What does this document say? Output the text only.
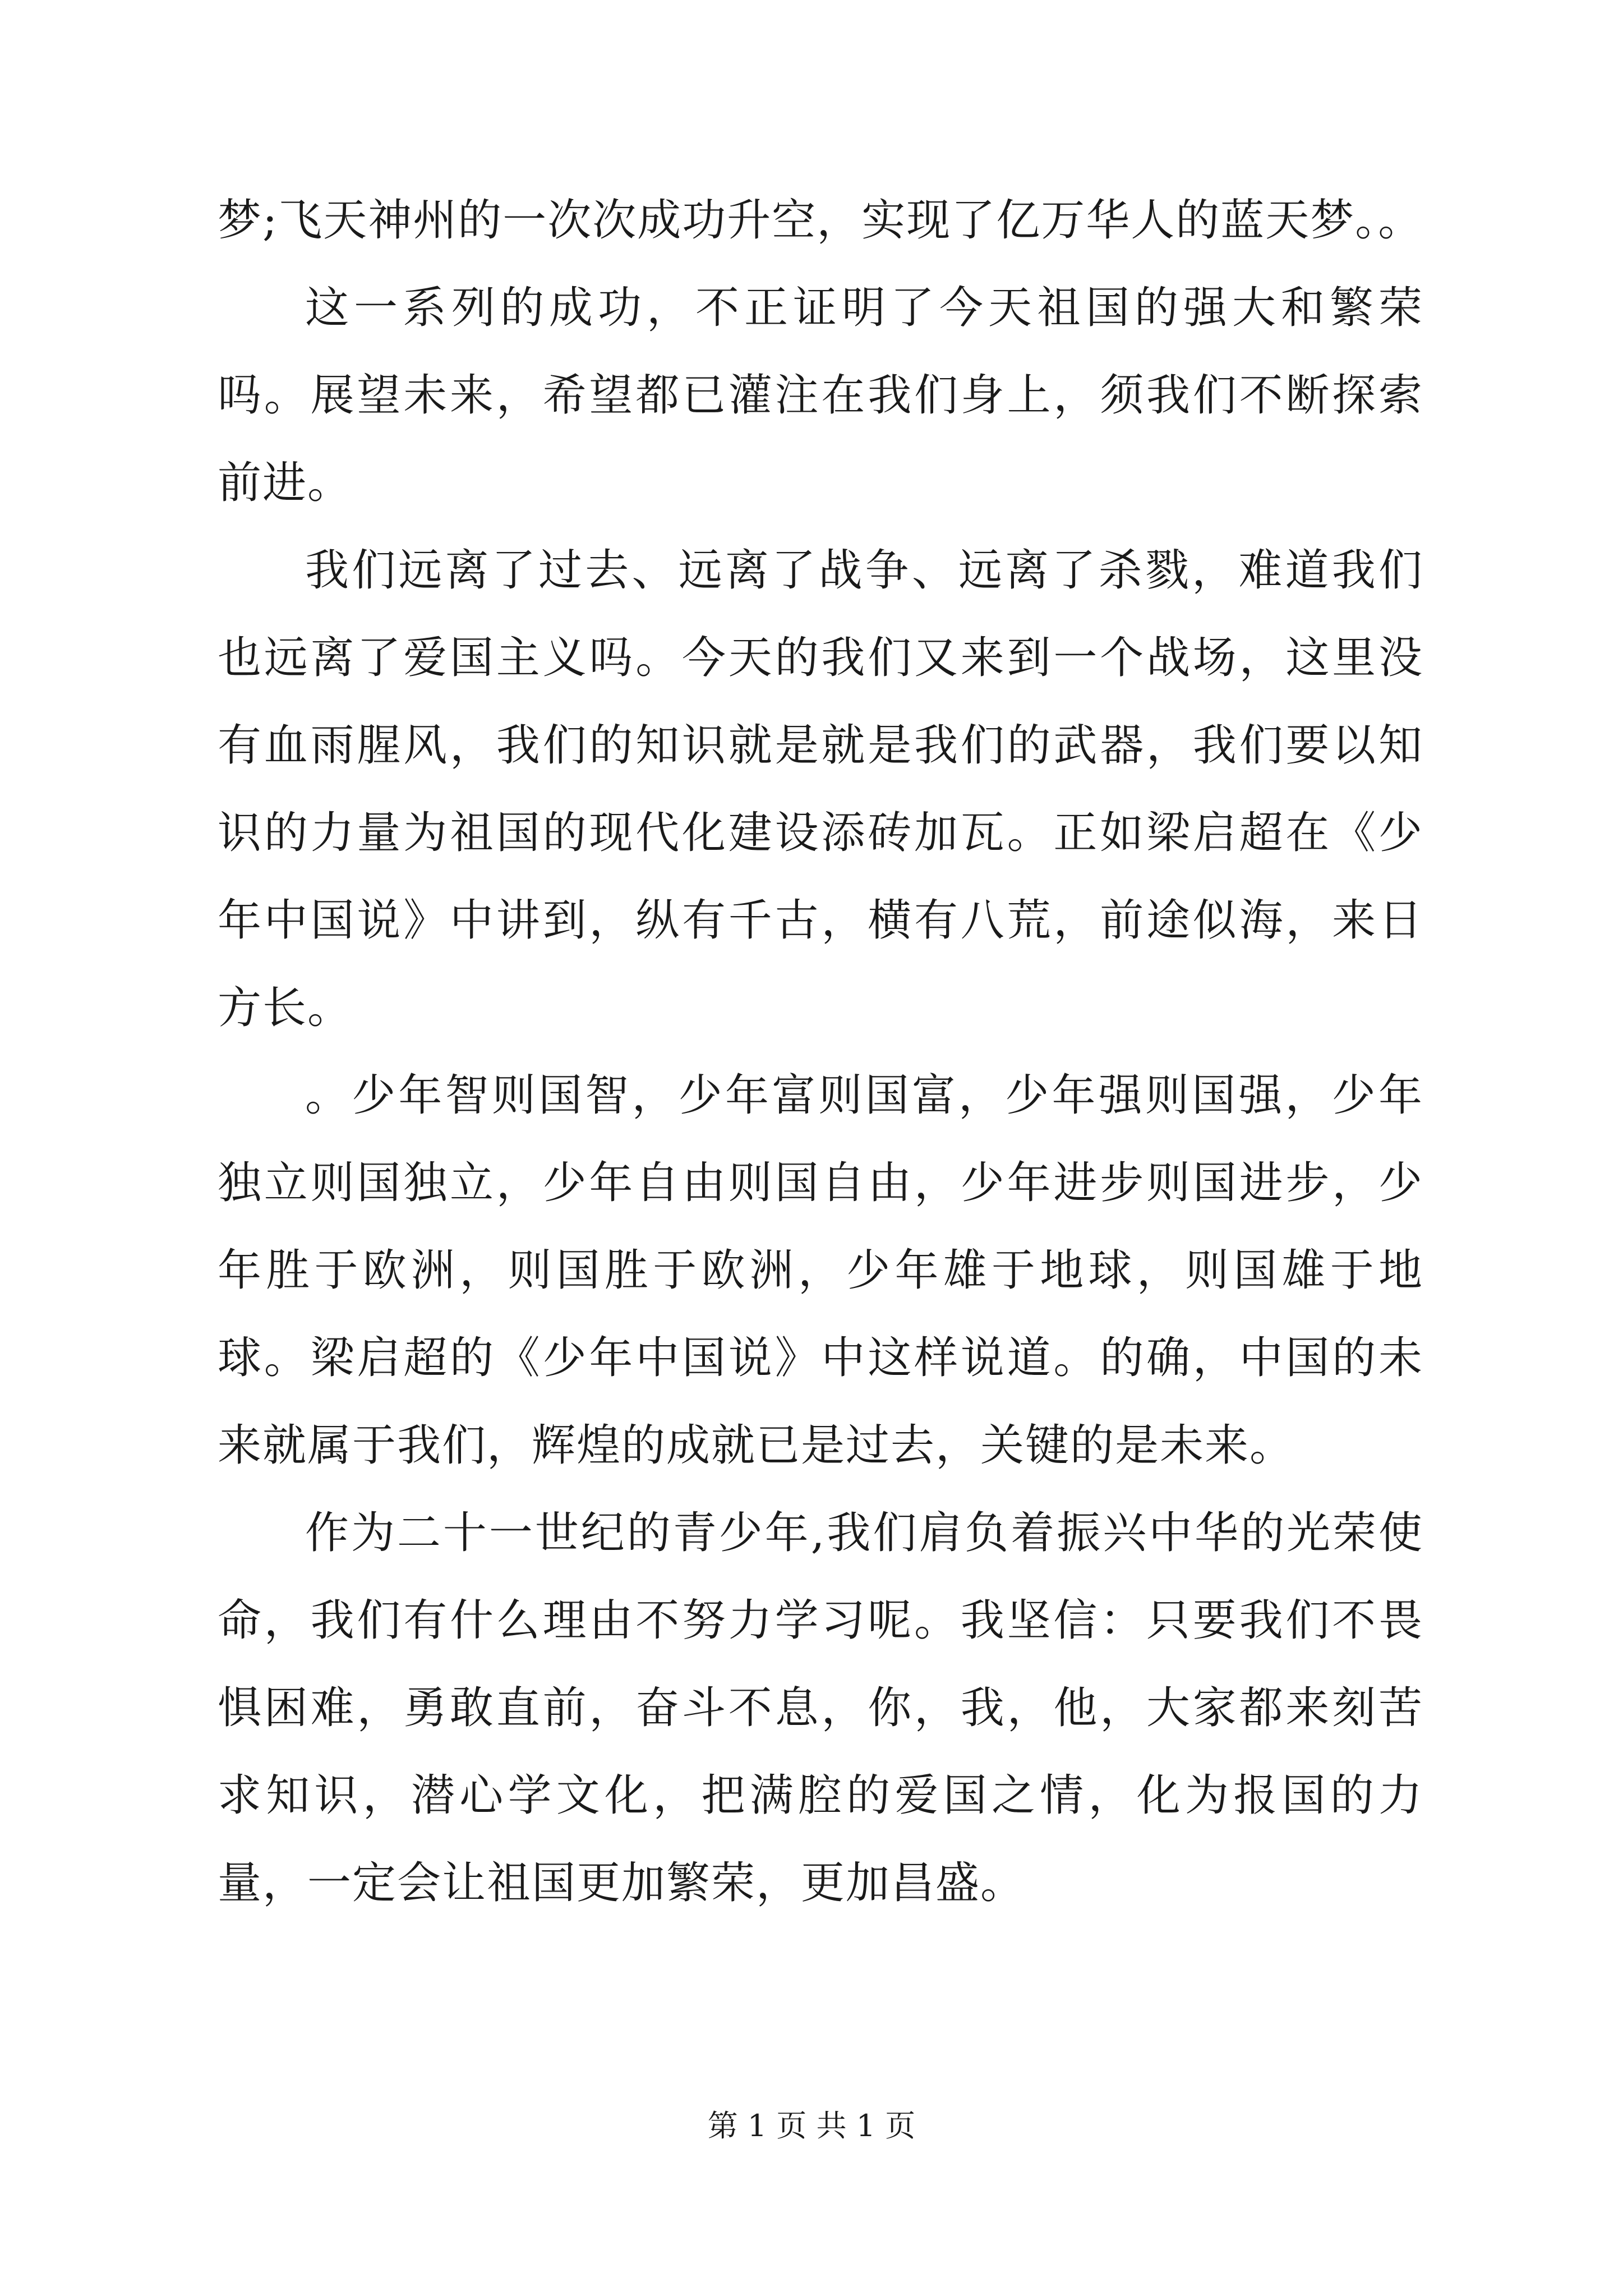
梦;飞天神州的一次次成功升空，实现了亿万华人的蓝天梦。。

这一系列的成功，不正证明了今天祖国的强大和繁荣吗。展望未来，希望都已灌注在我们身上，须我们不断探索前进。

我们远离了过去、远离了战争、远离了杀戮，难道我们也远离了爱国主义吗。今天的我们又来到一个战场，这里没有血雨腥风，我们的知识就是就是我们的武器，我们要以知识的力量为祖国的现代化建设添砖加瓦。正如梁启超在《少年中国说》中讲到，纵有千古，横有八荒，前途似海，来日方长。

。少年智则国智，少年富则国富，少年强则国强，少年独立则国独立，少年自由则国自由，少年进步则国进步，少年胜于欧洲，则国胜于欧洲，少年雄于地球，则国雄于地球。梁启超的《少年中国说》中这样说道。的确，中国的未来就属于我们，辉煌的成就已是过去，关键的是未来。

作为二十一世纪的青少年,我们肩负着振兴中华的光荣使命，我们有什么理由不努力学习呢。我坚信：只要我们不畏惧困难，勇敢直前，奋斗不息，你，我，他，大家都来刻苦求知识，潜心学文化，把满腔的爱国之情，化为报国的力量，一定会让祖国更加繁荣，更加昌盛。

第 1 页 共 1 页
